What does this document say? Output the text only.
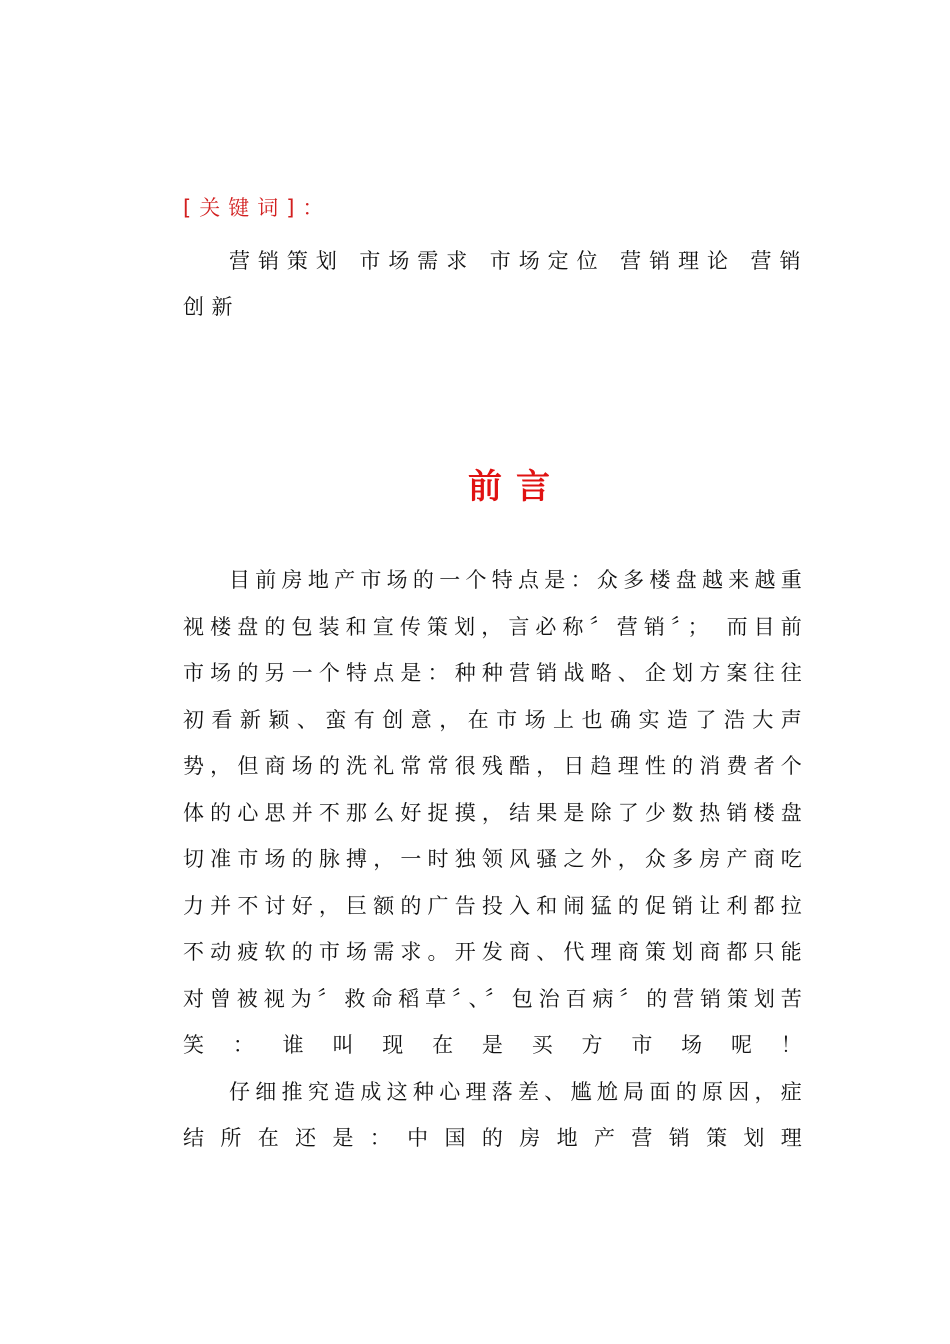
[关键词]：
营销策划 市场需求 市场定位 营销理论 营销创新
前言

目前房地产市场的一个特点是：众多楼盘越来越重视楼盘的包装和宣传策划，言必称〞营销〞； 而目前市场的另一个特点是：种种营销战略、企划方案往往初看新颖、蛮有创意，在市场上也确实造了浩大声势，但商场的洗礼常常很残酷，日趋理性的消费者个体的心思并不那么好捉摸，结果是除了少数热销楼盘切准市场的脉搏，一时独领风骚之外，众多房产商吃力并不讨好，巨额的广告投入和闹猛的促销让利都拉不动疲软的市场需求。开发商、代理商策划商都只能对曾被视为〞救命稻草〞、〞包治百病〞的营销策划苦笑：谁叫现在是买方市场呢！

仔细推究造成这种心理落差、尴尬局面的原因，症结所在还是：中国的房地产营销策划理
